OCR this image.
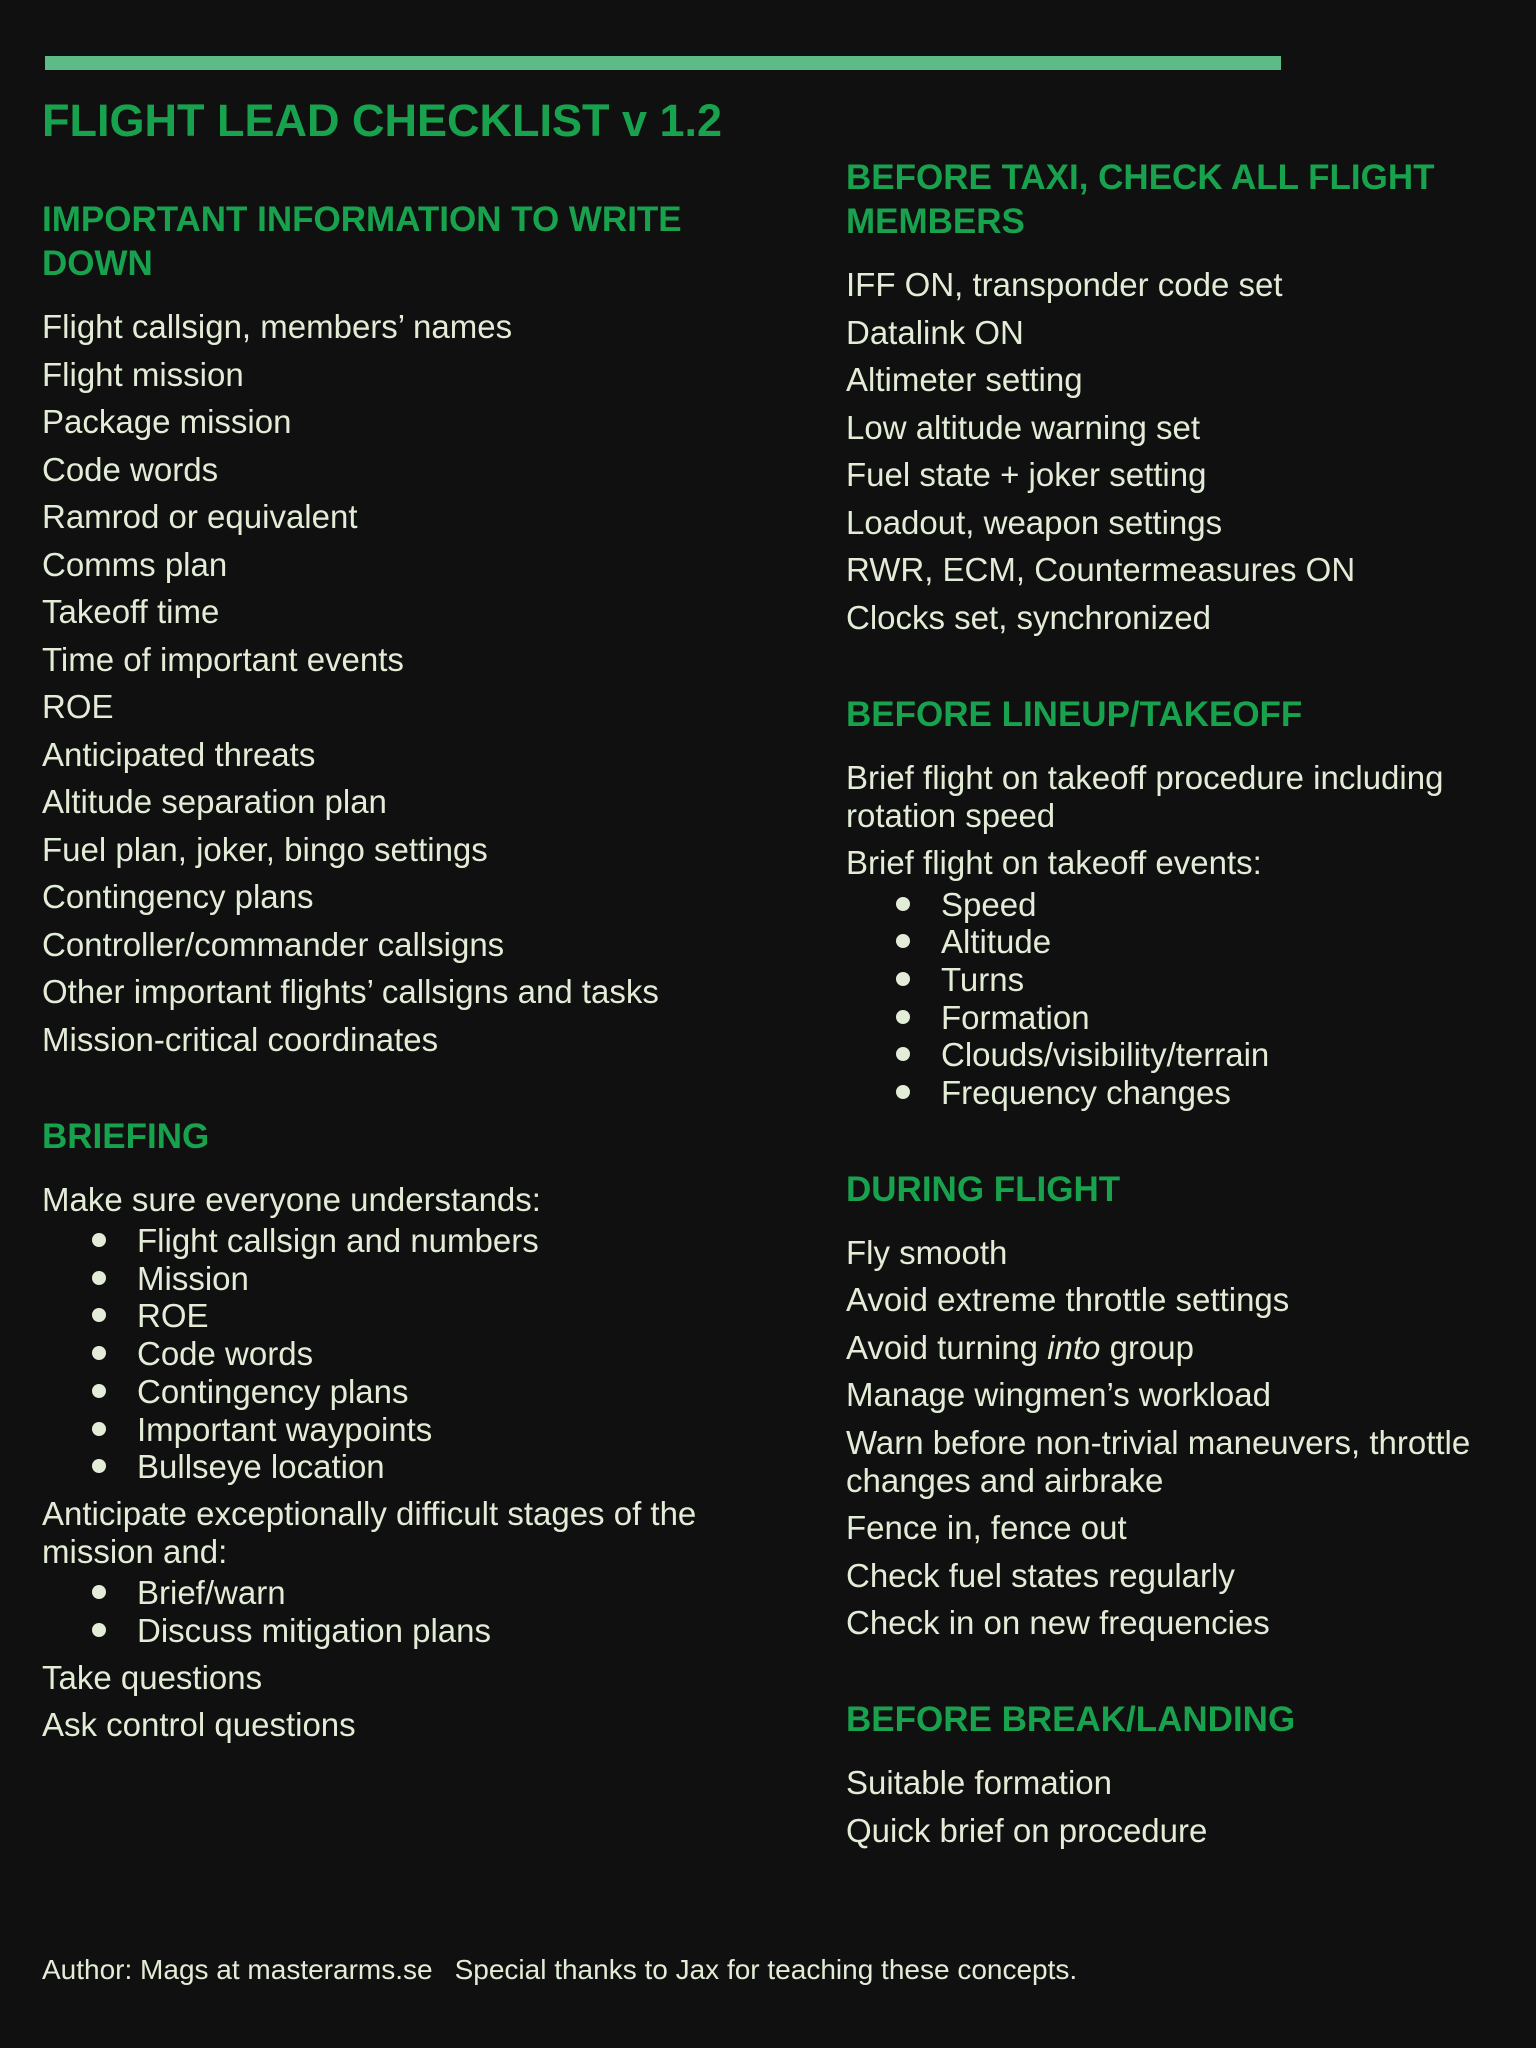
FLIGHT LEAD CHECKLIST v 1.2
IMPORTANT INFORMATION TO WRITE DOWN
Flight callsign, members’ names
Flight mission
Package mission
Code words
Ramrod or equivalent
Comms plan
Takeoff time
Time of important events
ROE
Anticipated threats
Altitude separation plan
Fuel plan, joker, bingo settings
Contingency plans
Controller/commander callsigns
Other important flights’ callsigns and tasks
Mission-critical coordinates
BRIEFING
Make sure everyone understands:
Flight callsign and numbers
Mission
ROE
Code words
Contingency plans
Important waypoints
Bullseye location
Anticipate exceptionally difficult stages of the mission and:
Brief/warn
Discuss mitigation plans
Take questions
Ask control questions
BEFORE TAXI, CHECK ALL FLIGHT MEMBERS
IFF ON, transponder code set
Datalink ON
Altimeter setting
Low altitude warning set
Fuel state + joker setting
Loadout, weapon settings
RWR, ECM, Countermeasures ON
Clocks set, synchronized
BEFORE LINEUP/TAKEOFF
Brief flight on takeoff procedure including rotation speed
Brief flight on takeoff events:
Speed
Altitude
Turns
Formation
Clouds/visibility/terrain
Frequency changes
DURING FLIGHT
Fly smooth
Avoid extreme throttle settings
Avoid turning into group
Manage wingmen’s workload
Warn before non-trivial maneuvers, throttle changes and airbrake
Fence in, fence out
Check fuel states regularly
Check in on new frequencies
BEFORE BREAK/LANDING
Suitable formation
Quick brief on procedure
Author: Mags at masterarms.se Special thanks to Jax for teaching these concepts.
